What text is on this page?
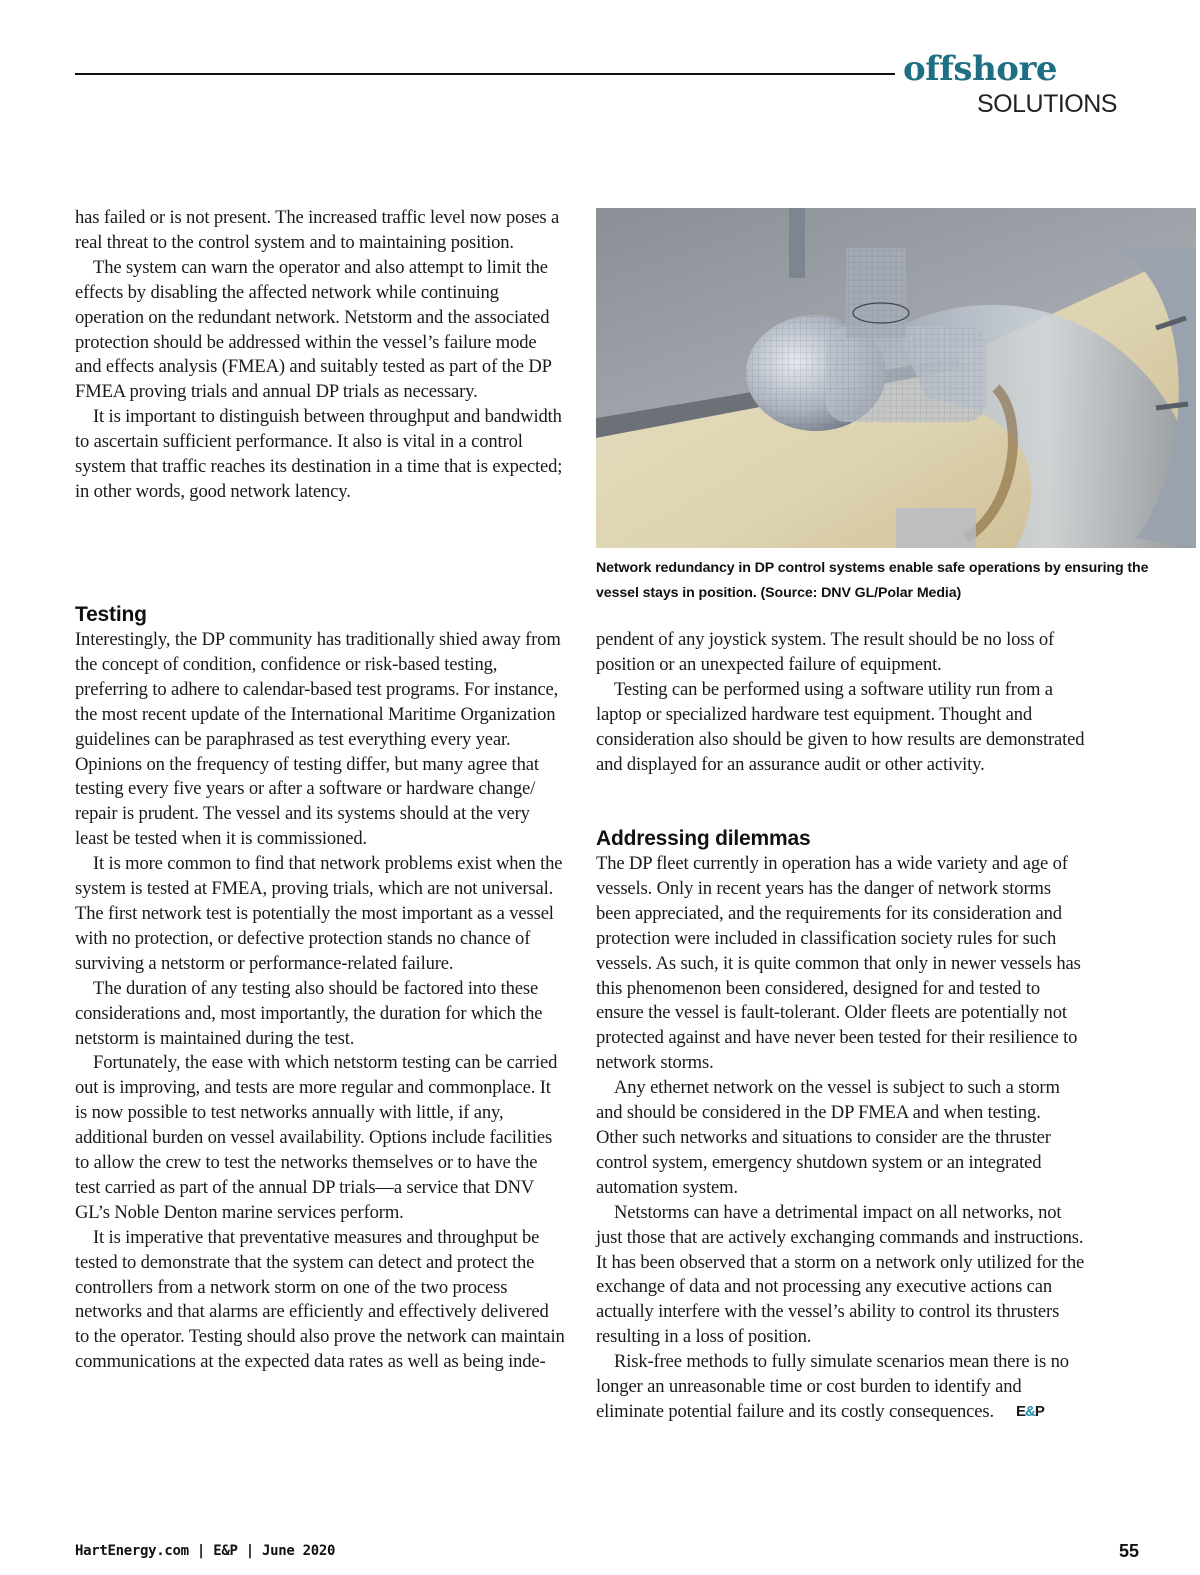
offshore
SOLUTIONS

has failed or is not present. The increased traffic level now poses a real threat to the control system and to maintaining position.

The system can warn the operator and also attempt to limit the effects by disabling the affected network while continuing operation on the redundant network. Netstorm and the associated protection should be addressed within the vessel’s failure mode and effects analysis (FMEA) and suitably tested as part of the DP FMEA proving trials and annual DP trials as necessary.

It is important to distinguish between throughput and bandwidth to ascertain sufficient performance. It also is vital in a control system that traffic reaches its destination in a time that is expected; in other words, good network latency.

Testing

Interestingly, the DP community has traditionally shied away from the concept of condition, confidence or risk-based testing, preferring to adhere to calendar-based test programs. For instance, the most recent update of the International Maritime Organization guidelines can be paraphrased as test everything every year. Opinions on the frequency of testing differ, but many agree that testing every five years or after a software or hardware change/ repair is prudent. The vessel and its systems should at the very least be tested when it is commissioned.

It is more common to find that network problems exist when the system is tested at FMEA, proving trials, which are not universal. The first network test is potentially the most important as a vessel with no protection, or defective protection stands no chance of surviving a netstorm or performance-related failure.

The duration of any testing also should be factored into these considerations and, most importantly, the duration for which the netstorm is maintained during the test.

Fortunately, the ease with which netstorm testing can be carried out is improving, and tests are more regular and commonplace. It is now possible to test networks annually with little, if any, additional burden on vessel availability. Options include facilities to allow the crew to test the networks themselves or to have the test carried as part of the annual DP trials—a service that DNV GL’s Noble Denton marine services perform.

It is imperative that preventative measures and throughput be tested to demonstrate that the system can detect and protect the controllers from a network storm on one of the two process networks and that alarms are efficiently and effectively delivered to the operator. Testing should also prove the network can maintain communications at the expected data rates as well as being inde-

Network redundancy in DP control systems enable safe operations by ensuring the vessel stays in position. (Source: DNV GL/Polar Media)

pendent of any joystick system. The result should be no loss of position or an unexpected failure of equipment.

Testing can be performed using a software utility run from a laptop or specialized hardware test equipment. Thought and consideration also should be given to how results are demonstrated and displayed for an assurance audit or other activity.

Addressing dilemmas

The DP fleet currently in operation has a wide variety and age of vessels. Only in recent years has the danger of network storms been appreciated, and the requirements for its consideration and protection were included in classification society rules for such vessels. As such, it is quite common that only in newer vessels has this phenomenon been considered, designed for and tested to ensure the vessel is fault-tolerant. Older fleets are potentially not protected against and have never been tested for their resilience to network storms.

Any ethernet network on the vessel is subject to such a storm and should be considered in the DP FMEA and when testing. Other such networks and situations to consider are the thruster control system, emergency shutdown system or an integrated automation system.

Netstorms can have a detrimental impact on all networks, not just those that are actively exchanging commands and instructions. It has been observed that a storm on a network only utilized for the exchange of data and not processing any executive actions can actually interfere with the vessel’s ability to control its thrusters resulting in a loss of position.

Risk-free methods to fully simulate scenarios mean there is no longer an unreasonable time or cost burden to identify and eliminate potential failure and its costly consequences. E&P

HartEnergy.com | E&P | June 2020	55
